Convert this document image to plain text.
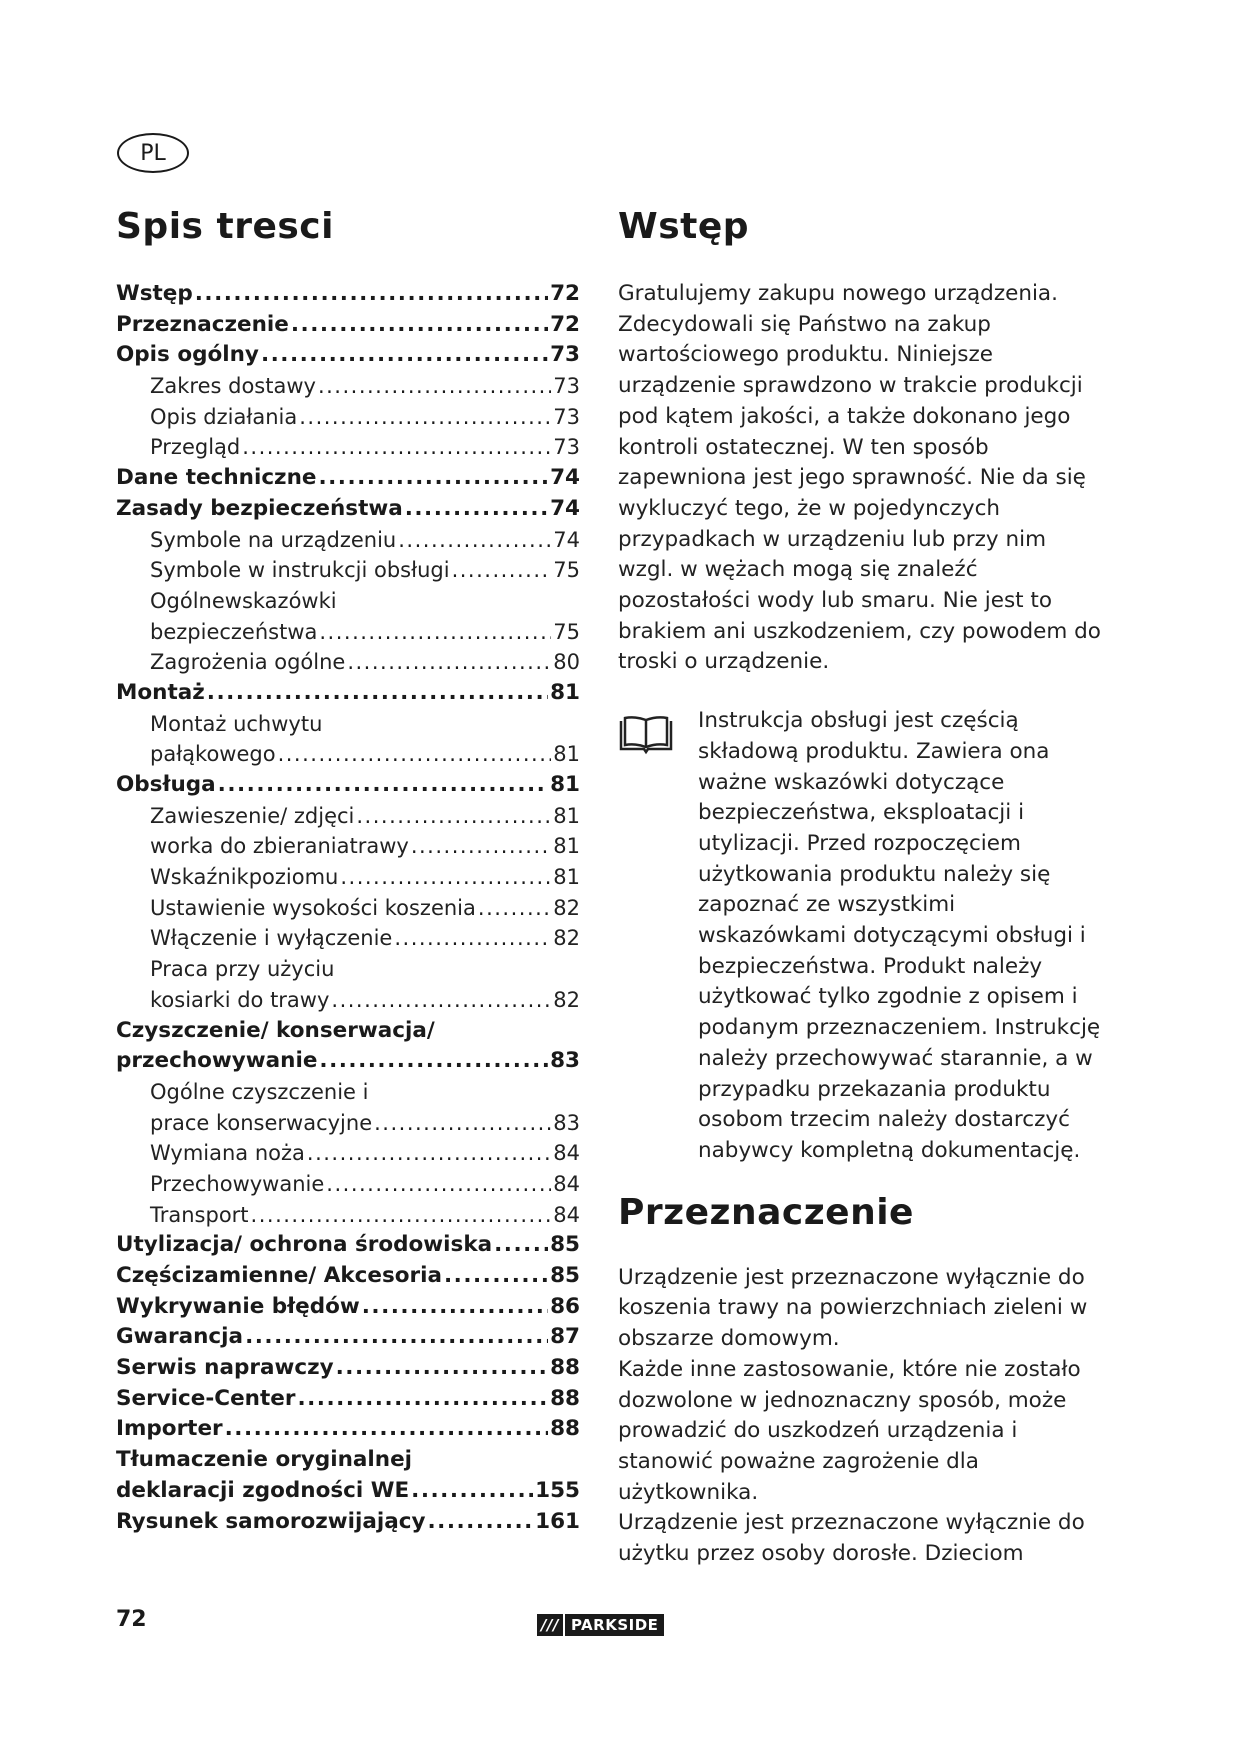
PL
Spis tresci
Wstęp .....	72
Przeznaczenie .....	72
Opis ogólny .....	73
Zakres dostawy .....	73
Opis działania .....	73
Przegląd .....	73
Dane techniczne .....	74
Zasady bezpieczeństwa .....	74
Symbole na urządzeniu .....	74
Symbole w instrukcji obsługi .....	75
Ogólnewskazówki
bezpieczeństwa .....	75
Zagrożenia ogólne .....	80
Montaż .....	81
Montaż uchwytu
pałąkowego .....	81
Obsługa .....	81
Zawieszenie/ zdjęci .....	81
worka do zbieraniatrawy .....	81
Wskaźnikpoziomu .....	81
Ustawienie wysokości koszenia .....	82
Włączenie i wyłączenie .....	82
Praca przy użyciu
kosiarki do trawy .....	82
Czyszczenie/ konserwacja/
przechowywanie .....	83
Ogólne czyszczenie i
prace konserwacyjne .....	83
Wymiana noża .....	84
Przechowywanie .....	84
Transport .....	84
Utylizacja/ ochrona środowiska .....	85
Częścizamienne/ Akcesoria .....	85
Wykrywanie błędów .....	86
Gwarancja .....	87
Serwis naprawczy .....	88
Service-Center .....	88
Importer .....	88
Tłumaczenie oryginalnej
deklaracji zgodności WE .....	155
Rysunek samorozwijający .....	161
Wstęp

Gratulujemy zakupu nowego urządzenia. Zdecydowali się Państwo na zakup wartościowego produktu. Niniejsze urządzenie sprawdzono w trakcie produkcji pod kątem jakości, a także dokonano jego kontroli ostatecznej. W ten sposób zapewniona jest jego sprawność. Nie da się wykluczyć tego, że w pojedynczych przypadkach w urządzeniu lub przy nim wzgl. w wężach mogą się znaleźć pozostałości wody lub smaru. Nie jest to brakiem ani uszkodzeniem, czy powodem do troski o urządzenie.

Instrukcja obsługi jest częścią składową produktu. Zawiera ona ważne wskazówki dotyczące bezpieczeństwa, eksploatacji i utylizacji. Przed rozpoczęciem użytkowania produktu należy się zapoznać ze wszystkimi wskazówkami dotyczącymi obsługi i bezpieczeństwa. Produkt należy użytkować tylko zgodnie z opisem i podanym przeznaczeniem. Instrukcję należy przechowywać starannie, a w przypadku przekazania produktu osobom trzecim należy dostarczyć nabywcy kompletną dokumentację.

Przeznaczenie

Urządzenie jest przeznaczone wyłącznie do koszenia trawy na powierzchniach zieleni w obszarze domowym.

Każde inne zastosowanie, które nie zostało dozwolone w jednoznaczny sposób, może prowadzić do uszkodzeń urządzenia i stanowić poważne zagrożenie dla użytkownika.

Urządzenie jest przeznaczone wyłącznie do użytku przez osoby dorosłe. Dzieciom

72	/// PARKSIDE
